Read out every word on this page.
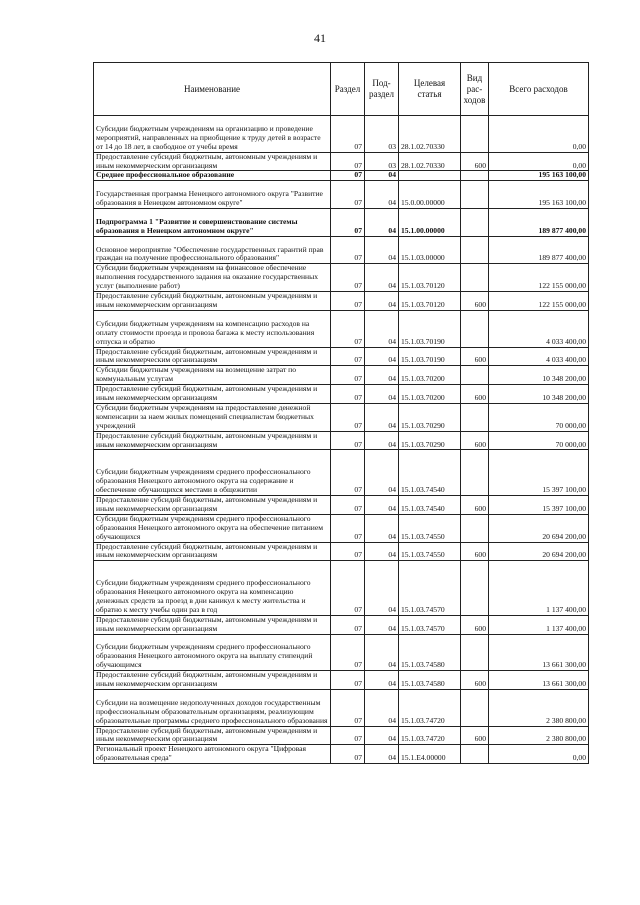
41
Наименование	Раздел	Под-раздел	Целевая статья	Вид рас-ходов	Всего расходов
Субсидии бюджетным учреждениям на организацию и проведение мероприятий, направленных на приобщение к труду детей в возрасте от 14 до 18 лет, в свободное от учебы время	07	03	28.1.02.70330		0,00
Предоставление субсидий бюджетным, автономным учреждениям и иным некоммерческим организациям	07	03	28.1.02.70330	600	0,00
Среднее профессиональное образование	07	04			195 163 100,00
Государственная программа Ненецкого автономного округа "Развитие образования в Ненецком автономном округе"	07	04	15.0.00.00000		195 163 100,00
Подпрограмма 1 "Развитие и совершенствование системы образования в Ненецком автономном округе"	07	04	15.1.00.00000		189 877 400,00
Основное мероприятие "Обеспечение государственных гарантий прав граждан на получение профессионального образования"	07	04	15.1.03.00000		189 877 400,00
Субсидии бюджетным учреждениям на финансовое обеспечение выполнения государственного задания на оказание государственных услуг (выполнение работ)	07	04	15.1.03.70120		122 155 000,00
Предоставление субсидий бюджетным, автономным учреждениям и иным некоммерческим организациям	07	04	15.1.03.70120	600	122 155 000,00
Субсидии бюджетным учреждениям на компенсацию расходов на оплату стоимости проезда и провоза багажа к месту использования отпуска и обратно	07	04	15.1.03.70190		4 033 400,00
Предоставление субсидий бюджетным, автономным учреждениям и иным некоммерческим организациям	07	04	15.1.03.70190	600	4 033 400,00
Субсидии бюджетным учреждениям на возмещение затрат по коммунальным услугам	07	04	15.1.03.70200		10 348 200,00
Предоставление субсидий бюджетным, автономным учреждениям и иным некоммерческим организациям	07	04	15.1.03.70200	600	10 348 200,00
Субсидии бюджетным учреждениям на предоставление денежной компенсации за наем жилых помещений специалистам бюджетных учреждений	07	04	15.1.03.70290		70 000,00
Предоставление субсидий бюджетным, автономным учреждениям и иным некоммерческим организациям	07	04	15.1.03.70290	600	70 000,00
Субсидии бюджетным учреждениям среднего профессионального образования Ненецкого автономного округа на содержание и обеспечение обучающихся местами в общежитии	07	04	15.1.03.74540		15 397 100,00
Предоставление субсидий бюджетным, автономным учреждениям и иным некоммерческим организациям	07	04	15.1.03.74540	600	15 397 100,00
Субсидии бюджетным учреждениям среднего профессионального образования Ненецкого автономного округа на обеспечение питанием обучающихся	07	04	15.1.03.74550		20 694 200,00
Предоставление субсидий бюджетным, автономным учреждениям и иным некоммерческим организациям	07	04	15.1.03.74550	600	20 694 200,00
Субсидии бюджетным учреждениям среднего профессионального образования Ненецкого автономного округа на компенсацию денежных средств за проезд в дни каникул к месту жительства и обратно к месту учебы один раз в год	07	04	15.1.03.74570		1 137 400,00
Предоставление субсидий бюджетным, автономным учреждениям и иным некоммерческим организациям	07	04	15.1.03.74570	600	1 137 400,00
Субсидии бюджетным учреждениям среднего профессионального образования Ненецкого автономного округа на выплату стипендий обучающимся	07	04	15.1.03.74580		13 661 300,00
Предоставление субсидий бюджетным, автономным учреждениям и иным некоммерческим организациям	07	04	15.1.03.74580	600	13 661 300,00
Субсидии на возмещение недополученных доходов государственным профессиональным образовательным организациям, реализующим образовательные программы среднего профессионального образования	07	04	15.1.03.74720		2 380 800,00
Предоставление субсидий бюджетным, автономным учреждениям и иным некоммерческим организациям	07	04	15.1.03.74720	600	2 380 800,00
Региональный проект Ненецкого автономного округа "Цифровая образовательная среда"	07	04	15.1.E4.00000		0,00
